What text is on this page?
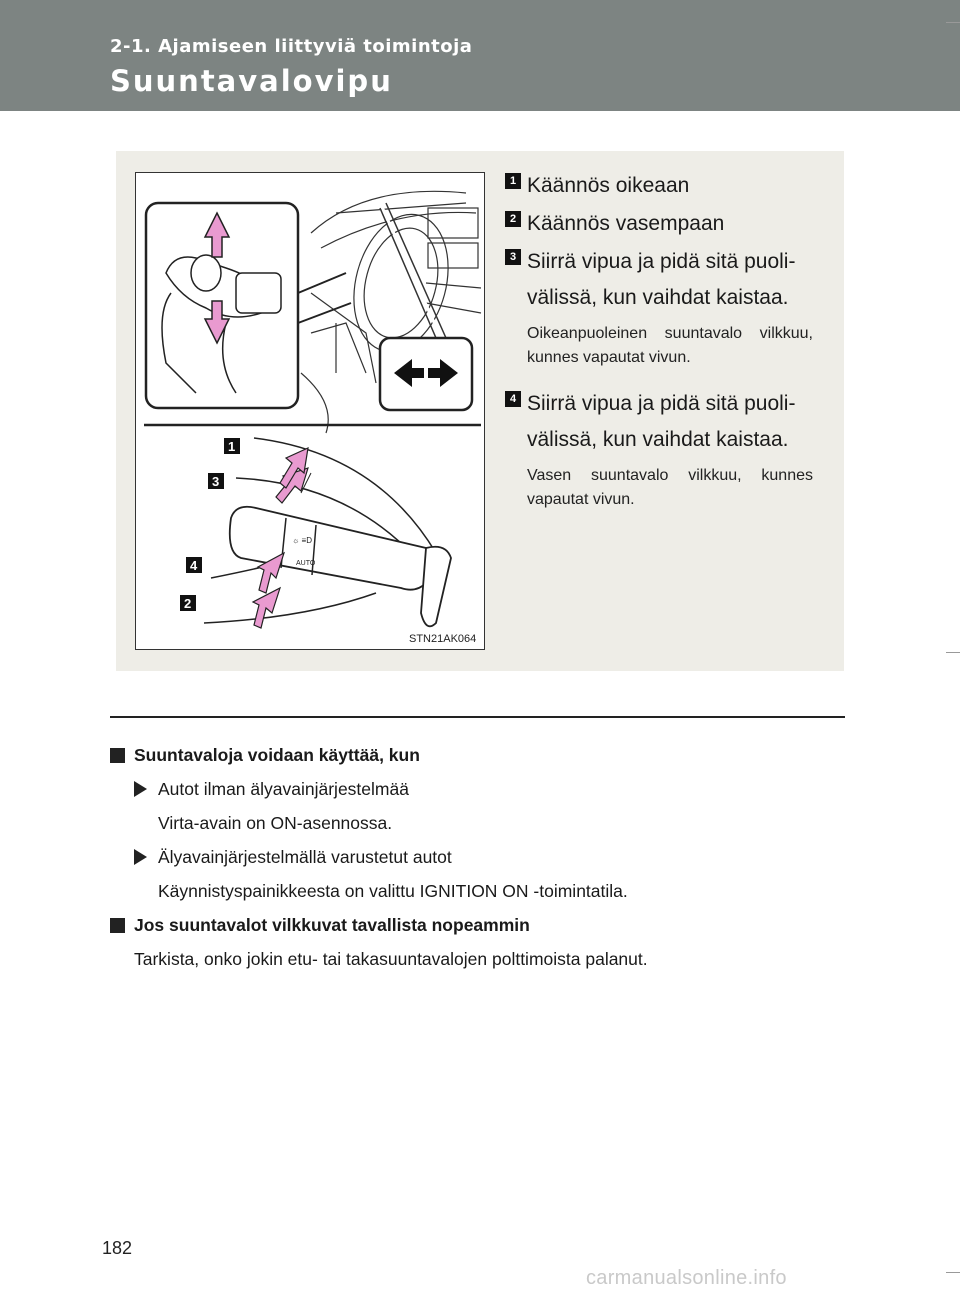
2-1. Ajamiseen liittyviä toimintoja
Suuntavalovipu
☼ ≡D
AUTO
1
3
4
2
STN21AK064
1 Käännös oikeaan
2 Käännös vasempaan
3 Siirrä vipua ja pidä sitä puolivälissä, kun vaihdat kaistaa.
Oikeanpuoleinen suuntavalo vilkkuu, kunnes vapautat vivun.
4 Siirrä vipua ja pidä sitä puolivälissä, kun vaihdat kaistaa.
Vasen suuntavalo vilkkuu, kunnes vapautat vivun.
Suuntavaloja voidaan käyttää, kun
Autot ilman älyavainjärjestelmää
Virta-avain on ON-asennossa.
Älyavainjärjestelmällä varustetut autot
Käynnistyspainikkeesta on valittu IGNITION ON -toimintatila.
Jos suuntavalot vilkkuvat tavallista nopeammin
Tarkista, onko jokin etu- tai takasuuntavalojen polttimoista palanut.
182
carmanualsonline.info
